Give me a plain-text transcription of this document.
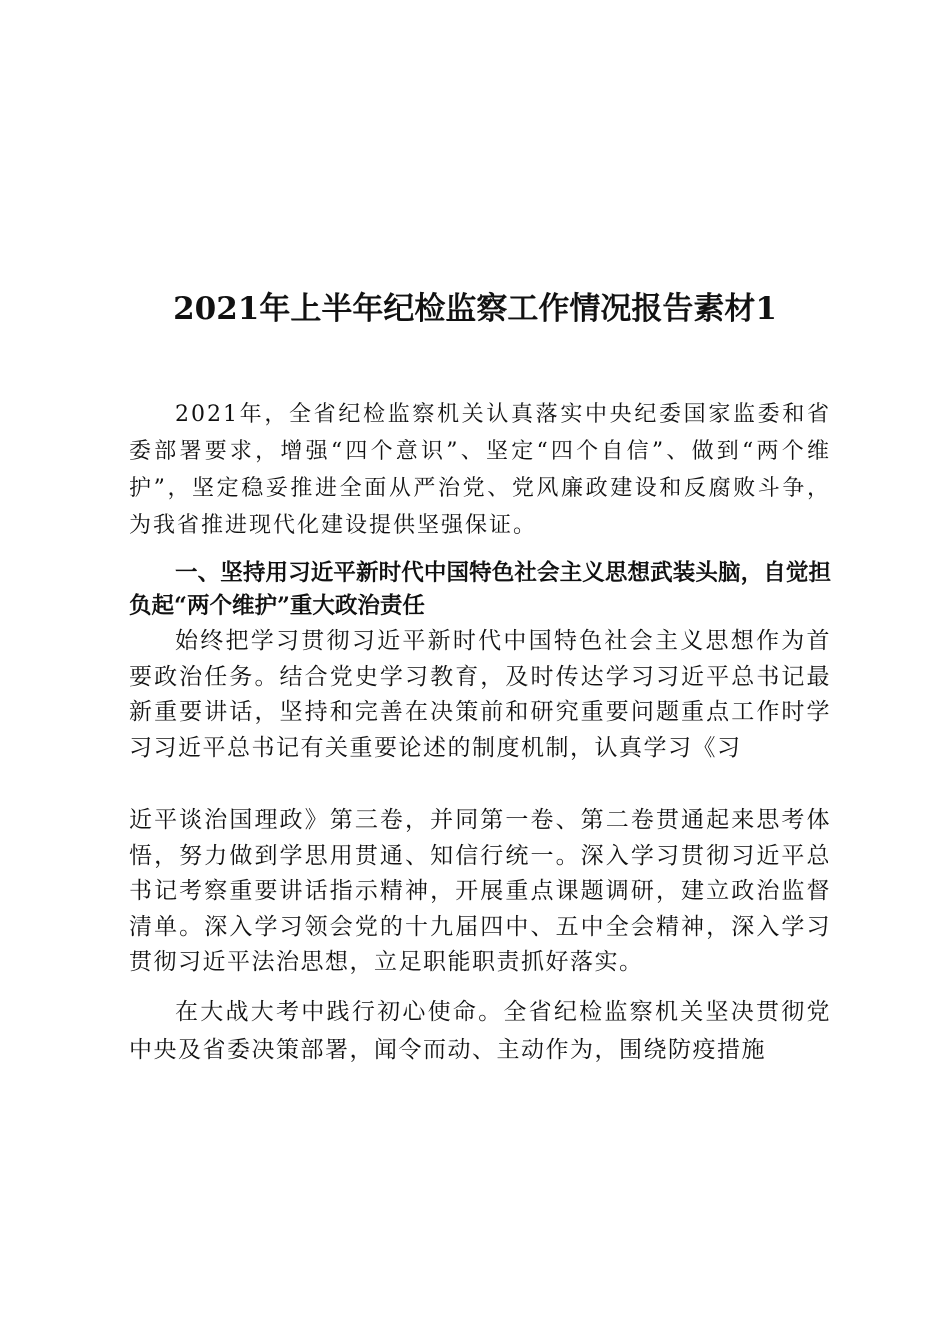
2021年上半年纪检监察工作情况报告素材1
2021年，全省纪检监察机关认真落实中央纪委国家监委和省委部署要求，增强“四个意识”、坚定“四个自信”、做到“两个维护”，坚定稳妥推进全面从严治党、党风廉政建设和反腐败斗争，为我省推进现代化建设提供坚强保证。
一、坚持用习近平新时代中国特色社会主义思想武装头脑，自觉担负起“两个维护”重大政治责任
始终把学习贯彻习近平新时代中国特色社会主义思想作为首要政治任务。结合党史学习教育，及时传达学习习近平总书记最新重要讲话，坚持和完善在决策前和研究重要问题重点工作时学习习近平总书记有关重要论述的制度机制，认真学习《习
近平谈治国理政》第三卷，并同第一卷、第二卷贯通起来思考体悟，努力做到学思用贯通、知信行统一。深入学习贯彻习近平总书记考察重要讲话指示精神，开展重点课题调研，建立政治监督清单。深入学习领会党的十九届四中、五中全会精神，深入学习贯彻习近平法治思想，立足职能职责抓好落实。
在大战大考中践行初心使命。全省纪检监察机关坚决贯彻党中央及省委决策部署，闻令而动、主动作为，围绕防疫措施
